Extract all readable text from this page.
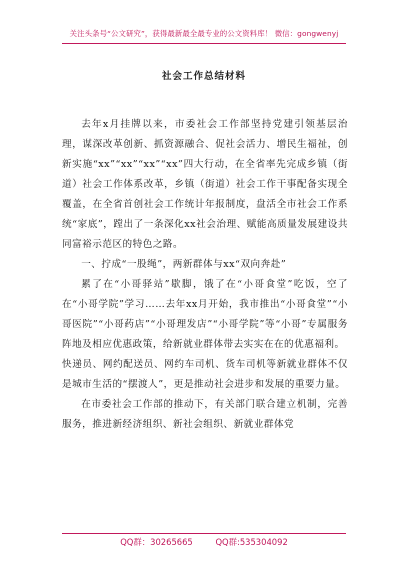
关注头条号“公文研究”，获得最新最全最专业的公文资料库！ 微信：gongwenyj
社会工作总结材料

去年x月挂牌以来，市委社会工作部坚持党建引领基层治理，谋深改革创新、抓资源融合、促社会活力、增民生福祉，创新实施“xx”“xx”“xx”“xx”四大行动，在全省率先完成乡镇（街道）社会工作体系改革，乡镇（街道）社会工作干事配备实现全覆盖，在全省首创社会工作统计年报制度，盘活全市社会工作系统“家底”，蹚出了一条深化xx社会治理、赋能高质量发展建设共同富裕示范区的特色之路。

一、拧成“一股绳”，两新群体与xx“双向奔赴”

累了在“小哥驿站”歇脚，饿了在“小哥食堂”吃饭，空了在“小哥学院”学习……去年xx月开始，我市推出“小哥食堂”“小哥医院”“小哥药店”“小哥理发店”“小哥学院”等“小哥”专属服务阵地及相应优惠政策，给新就业群体带去实实在在的优惠福利。

快递员、网约配送员、网约车司机、货车司机等新就业群体不仅是城市生活的“摆渡人”，更是推动社会进步和发展的重要力量。

在市委社会工作部的推动下，有关部门联合建立机制，完善服务，推进新经济组织、新社会组织、新就业群体党

QQ群：30265665	QQ群:535304092
